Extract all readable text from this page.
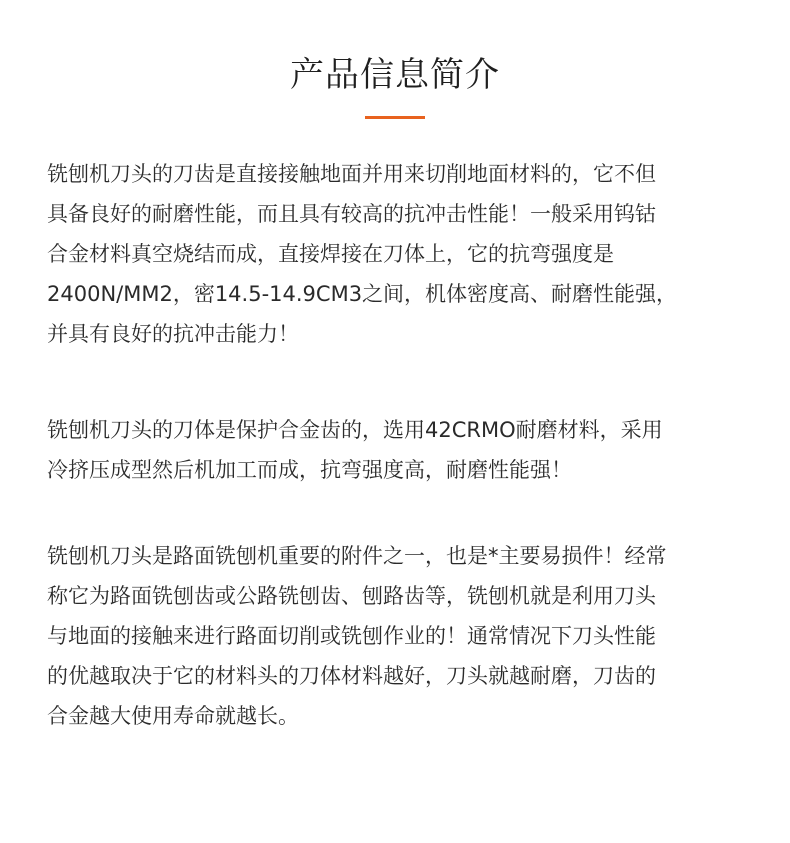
产品信息简介

铣刨机刀头的刀齿是直接接触地面并用来切削地面材料的，它不但
具备良好的耐磨性能，而且具有较高的抗冲击性能！一般采用钨钴
合金材料真空烧结而成，直接焊接在刀体上，它的抗弯强度是
2400N/MM2，密14.5-14.9CM3之间，机体密度高、耐磨性能强，
并具有良好的抗冲击能力！

铣刨机刀头的刀体是保护合金齿的，选用42CRMO耐磨材料，采用
冷挤压成型然后机加工而成，抗弯强度高，耐磨性能强！

铣刨机刀头是路面铣刨机重要的附件之一，也是*主要易损件！经常
称它为路面铣刨齿或公路铣刨齿、刨路齿等，铣刨机就是利用刀头
与地面的接触来进行路面切削或铣刨作业的！通常情况下刀头性能
的优越取决于它的材料头的刀体材料越好，刀头就越耐磨，刀齿的
合金越大使用寿命就越长。
